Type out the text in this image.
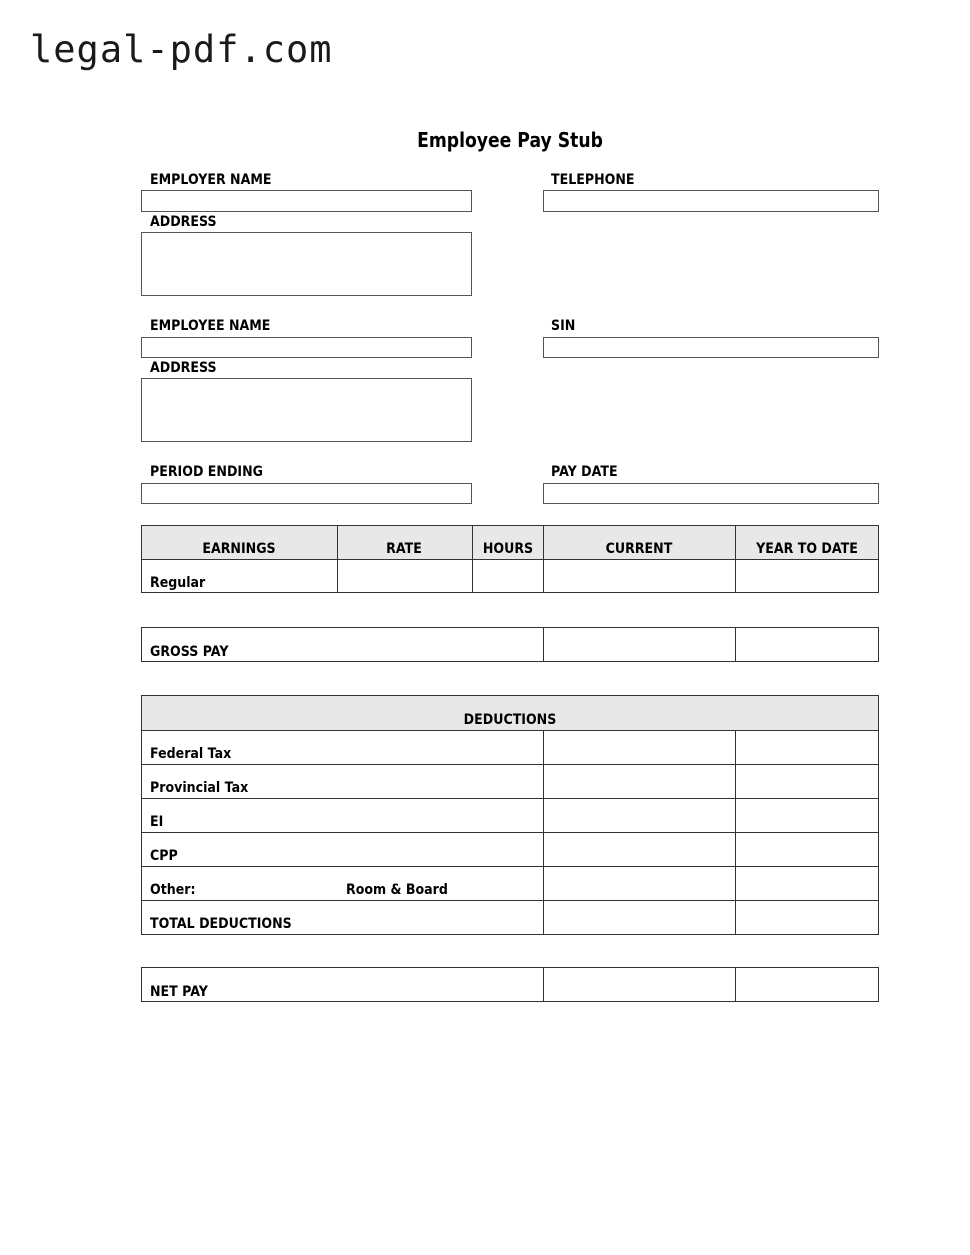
legal-pdf.com
Employee Pay Stub
EMPLOYER NAME	TELEPHONE
ADDRESS
EMPLOYEE NAME	SIN
ADDRESS
PERIOD ENDING	PAY DATE
EARNINGS	RATE	HOURS	CURRENT	YEAR TO DATE
Regular
GROSS PAY
DEDUCTIONS
Federal Tax
Provincial Tax
EI
CPP
Other:	Room & Board
TOTAL DEDUCTIONS
NET PAY
